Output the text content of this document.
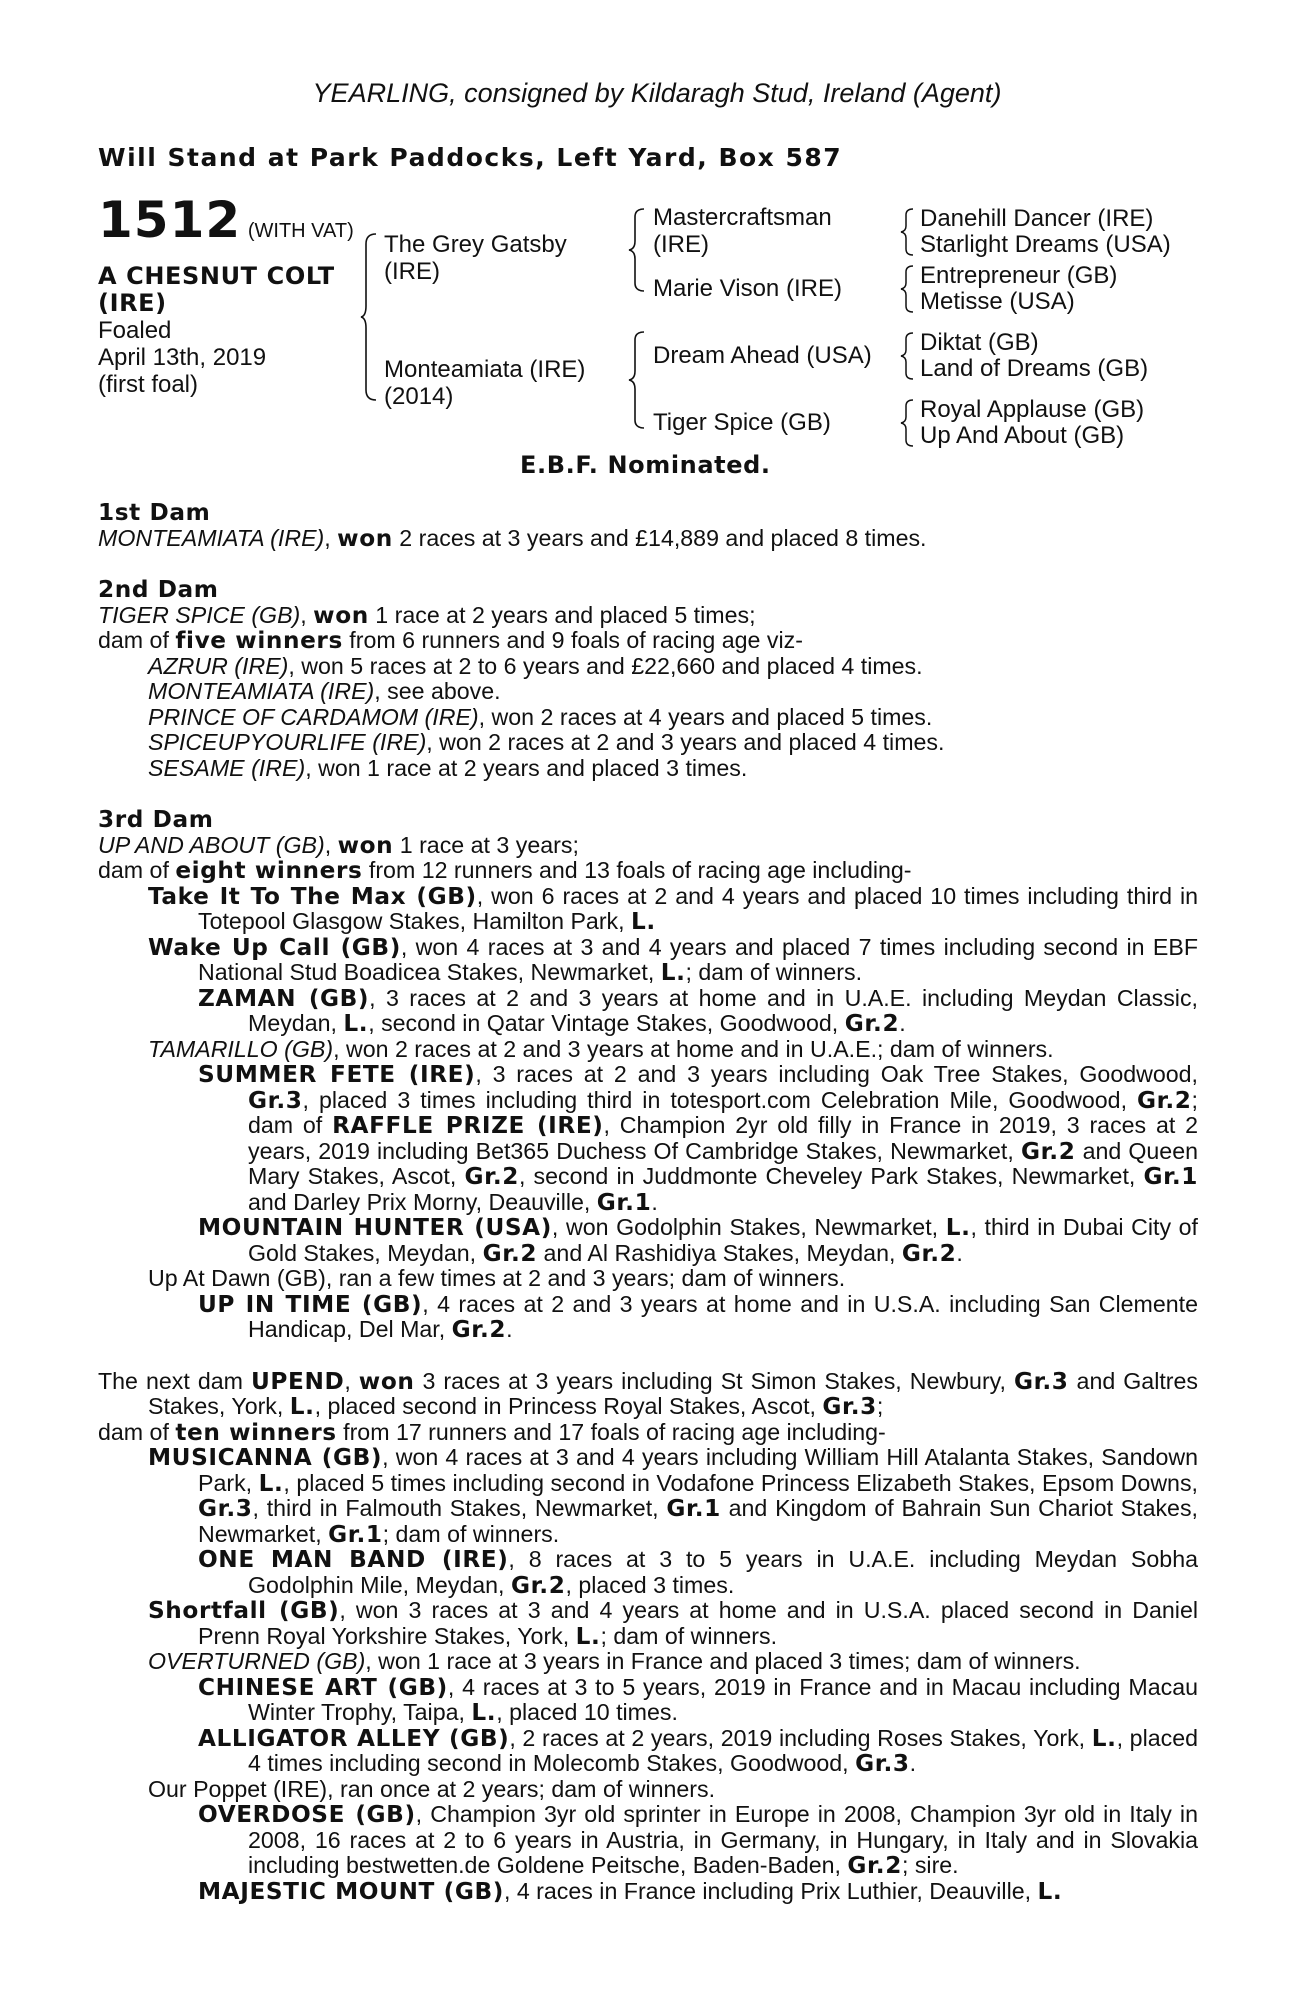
YEARLING, consigned by Kildaragh Stud, Ireland (Agent)
Will Stand at Park Paddocks, Left Yard, Box 587
1512 (WITH VAT)
A CHESNUT COLT
(IRE)
Foaled
April 13th, 2019
(first foal)
The Grey Gatsby
(IRE)
Monteamiata (IRE)
(2014)
Mastercraftsman
(IRE)
Marie Vison (IRE)
Dream Ahead (USA)
Tiger Spice (GB)
Danehill Dancer (IRE)
Starlight Dreams (USA)
Entrepreneur (GB)
Metisse (USA)
Diktat (GB)
Land of Dreams (GB)
Royal Applause (GB)
Up And About (GB)
E.B.F. Nominated.
1st Dam
MONTEAMIATA (IRE), won 2 races at 3 years and £14,889 and placed 8 times.
2nd Dam
TIGER SPICE (GB), won 1 race at 2 years and placed 5 times;
dam of five winners from 6 runners and 9 foals of racing age viz-
AZRUR (IRE), won 5 races at 2 to 6 years and £22,660 and placed 4 times.
MONTEAMIATA (IRE), see above.
PRINCE OF CARDAMOM (IRE), won 2 races at 4 years and placed 5 times.
SPICEUPYOURLIFE (IRE), won 2 races at 2 and 3 years and placed 4 times.
SESAME (IRE), won 1 race at 2 years and placed 3 times.
3rd Dam
UP AND ABOUT (GB), won 1 race at 3 years;
dam of eight winners from 12 runners and 13 foals of racing age including-
Take It To The Max (GB), won 6 races at 2 and 4 years and placed 10 times including third in Totepool Glasgow Stakes, Hamilton Park, L.
Wake Up Call (GB), won 4 races at 3 and 4 years and placed 7 times including second in EBF National Stud Boadicea Stakes, Newmarket, L.; dam of winners.
ZAMAN (GB), 3 races at 2 and 3 years at home and in U.A.E. including Meydan Classic, Meydan, L., second in Qatar Vintage Stakes, Goodwood, Gr.2.
TAMARILLO (GB), won 2 races at 2 and 3 years at home and in U.A.E.; dam of winners.
SUMMER FETE (IRE), 3 races at 2 and 3 years including Oak Tree Stakes, Goodwood, Gr.3, placed 3 times including third in totesport.com Celebration Mile, Goodwood, Gr.2; dam of RAFFLE PRIZE (IRE), Champion 2yr old filly in France in 2019, 3 races at 2 years, 2019 including Bet365 Duchess Of Cambridge Stakes, Newmarket, Gr.2 and Queen Mary Stakes, Ascot, Gr.2, second in Juddmonte Cheveley Park Stakes, Newmarket, Gr.1 and Darley Prix Morny, Deauville, Gr.1.
MOUNTAIN HUNTER (USA), won Godolphin Stakes, Newmarket, L., third in Dubai City of Gold Stakes, Meydan, Gr.2 and Al Rashidiya Stakes, Meydan, Gr.2.
Up At Dawn (GB), ran a few times at 2 and 3 years; dam of winners.
UP IN TIME (GB), 4 races at 2 and 3 years at home and in U.S.A. including San Clemente Handicap, Del Mar, Gr.2.
The next dam UPEND, won 3 races at 3 years including St Simon Stakes, Newbury, Gr.3 and Galtres Stakes, York, L., placed second in Princess Royal Stakes, Ascot, Gr.3;
dam of ten winners from 17 runners and 17 foals of racing age including-
MUSICANNA (GB), won 4 races at 3 and 4 years including William Hill Atalanta Stakes, Sandown Park, L., placed 5 times including second in Vodafone Princess Elizabeth Stakes, Epsom Downs, Gr.3, third in Falmouth Stakes, Newmarket, Gr.1 and Kingdom of Bahrain Sun Chariot Stakes, Newmarket, Gr.1; dam of winners.
ONE MAN BAND (IRE), 8 races at 3 to 5 years in U.A.E. including Meydan Sobha Godolphin Mile, Meydan, Gr.2, placed 3 times.
Shortfall (GB), won 3 races at 3 and 4 years at home and in U.S.A. placed second in Daniel Prenn Royal Yorkshire Stakes, York, L.; dam of winners.
OVERTURNED (GB), won 1 race at 3 years in France and placed 3 times; dam of winners.
CHINESE ART (GB), 4 races at 3 to 5 years, 2019 in France and in Macau including Macau Winter Trophy, Taipa, L., placed 10 times.
ALLIGATOR ALLEY (GB), 2 races at 2 years, 2019 including Roses Stakes, York, L., placed 4 times including second in Molecomb Stakes, Goodwood, Gr.3.
Our Poppet (IRE), ran once at 2 years; dam of winners.
OVERDOSE (GB), Champion 3yr old sprinter in Europe in 2008, Champion 3yr old in Italy in 2008, 16 races at 2 to 6 years in Austria, in Germany, in Hungary, in Italy and in Slovakia including bestwetten.de Goldene Peitsche, Baden-Baden, Gr.2; sire.
MAJESTIC MOUNT (GB), 4 races in France including Prix Luthier, Deauville, L.
